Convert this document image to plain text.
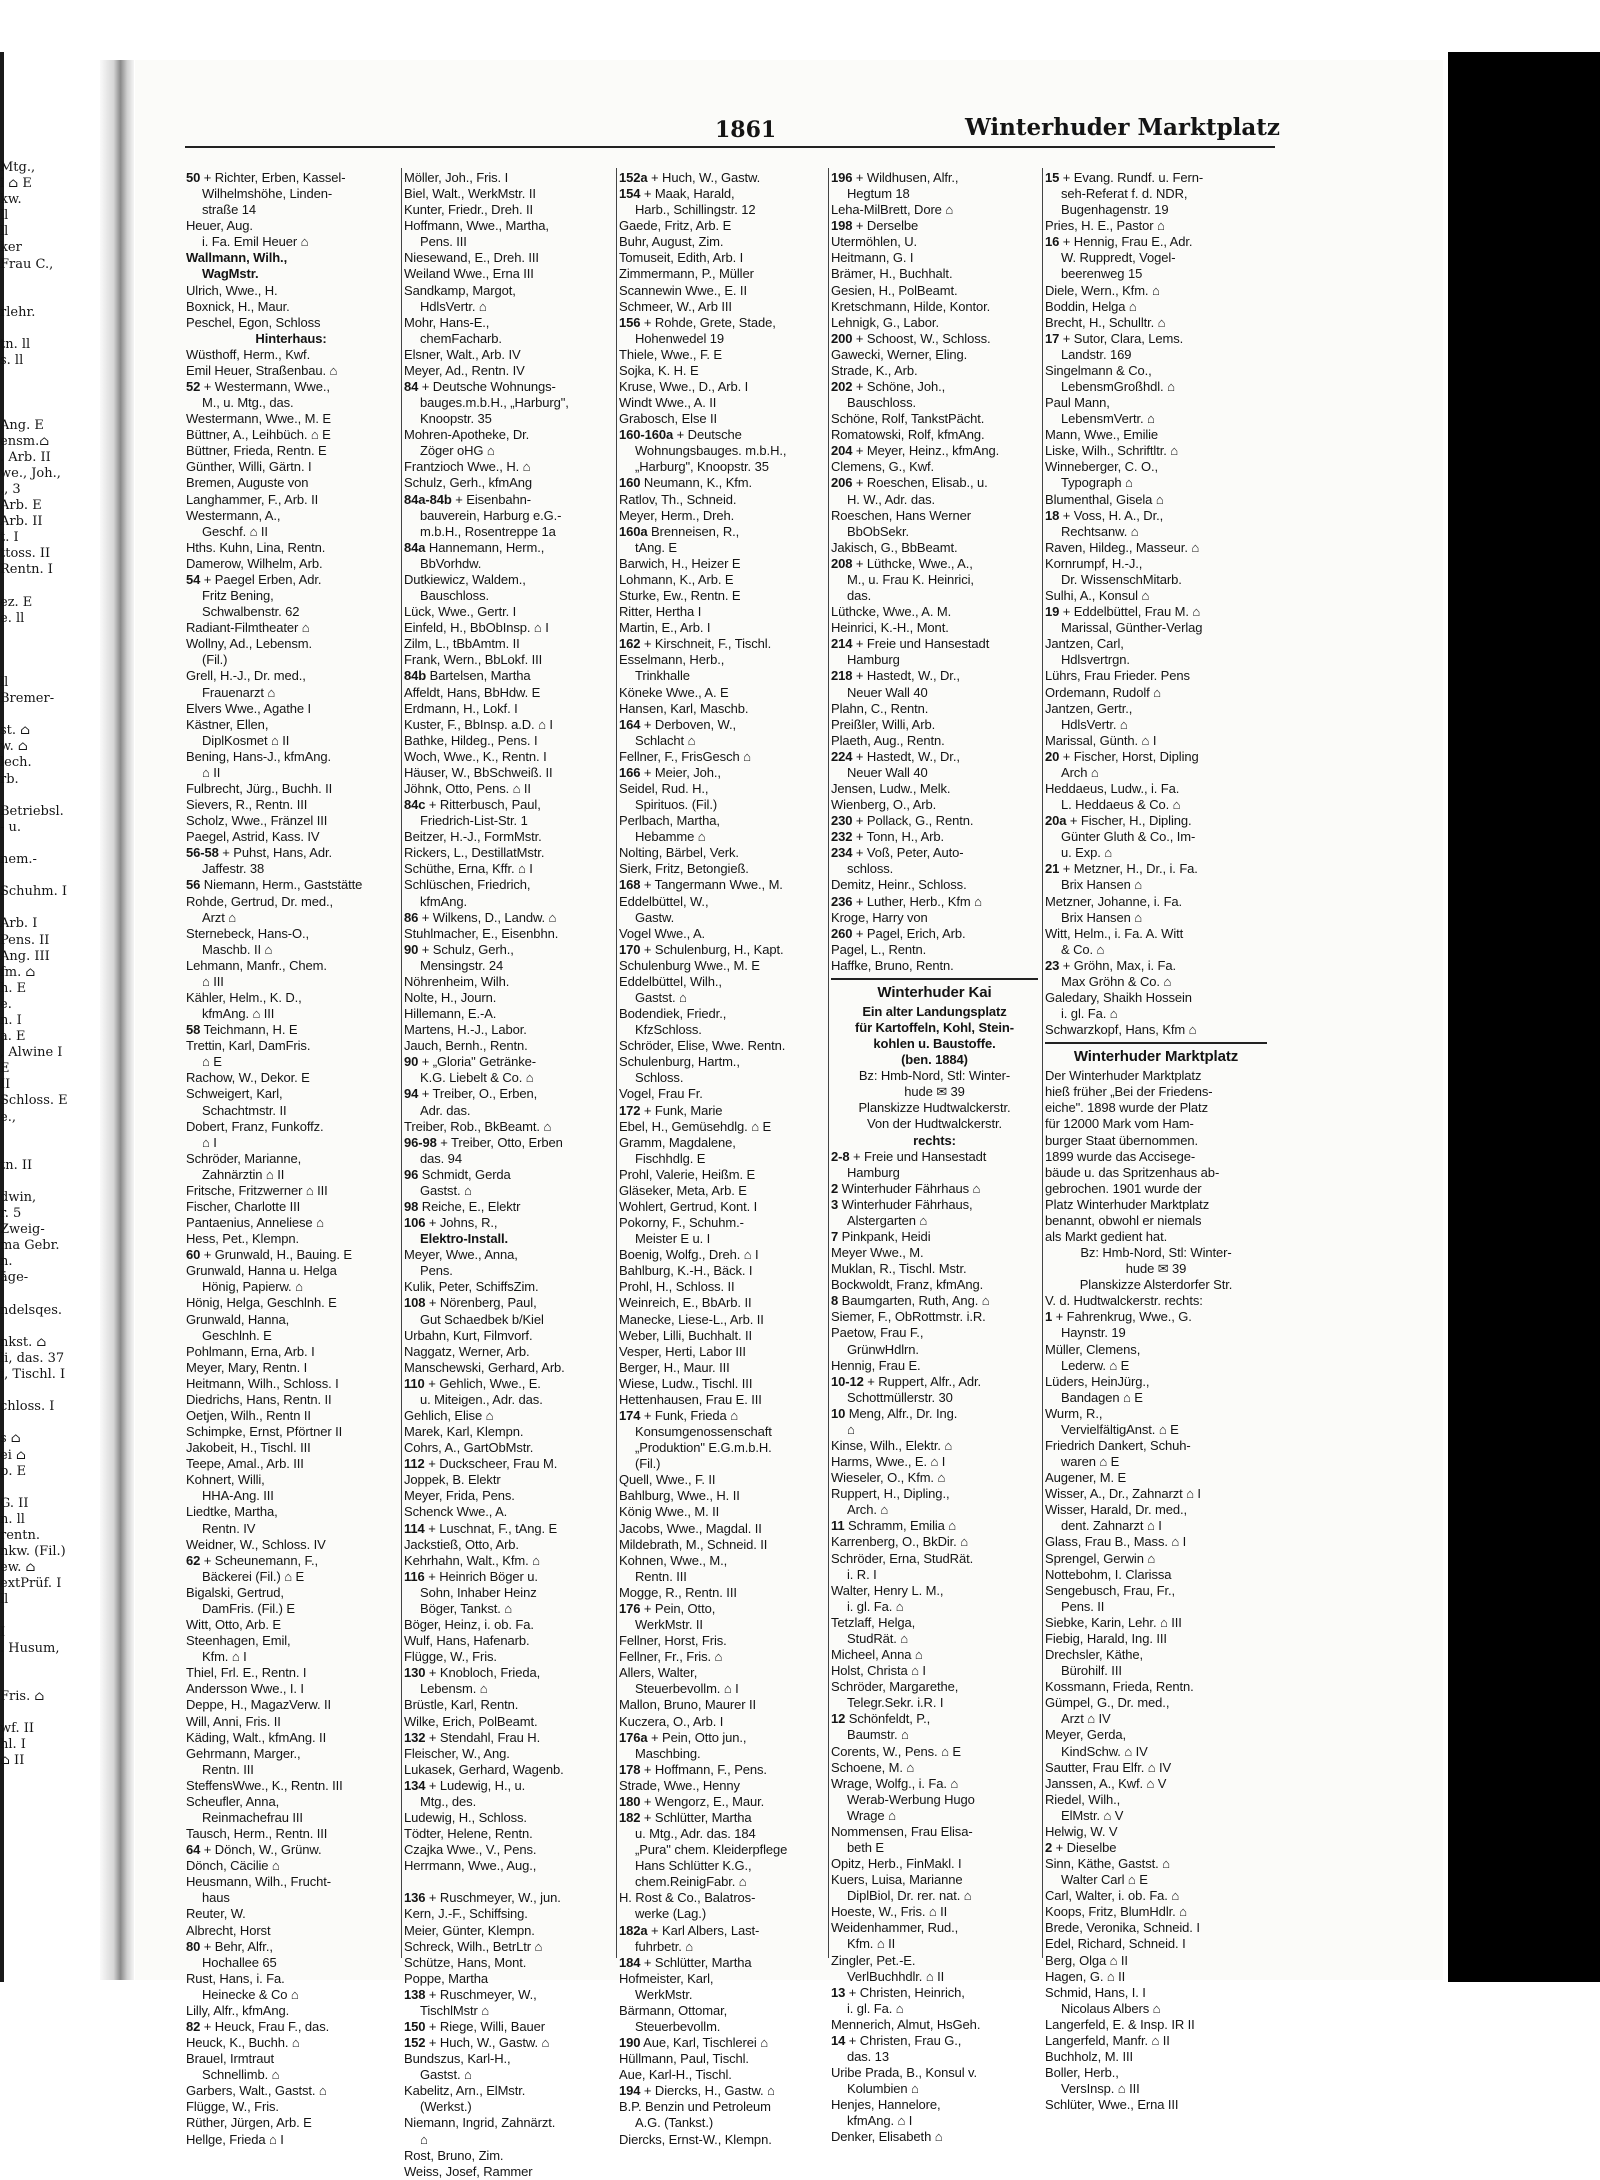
Mtg.,
i ⌂ E
kw.
ll
ll
ker
Frau C.,

rlehr.

tn. ll
s. ll

Ang. E
ensm.⌂
. Arb. II
we., Joh.,
., 3
Arb. E
Arb. II
t. I
ttoss. II
Rentn. I

ez. E
e. ll

ll
Bremer-

st. ⌂
w. ⌂
lech.
rb.

Betriebsl.
- u.

nem.-

Schuhm. I

Arb. I
Pens. II
Ang. III
fm. ⌂
h. E
e.
n. I
a. E
, Alwine I
E
II
Schloss. E
e.,

tn. II

dwin,
r. 5
Zweig-
ma Gebr.
n.
äge-

ndelsqes.

nkst. ⌂
li, das. 37
i, Tischl. I

chloss. I

s ⌂
ei ⌂
p. E

G. II
n. ll
rentn.
nkw. (Fil.)
ew. ⌂
extPrüf. I
ll

I
. Husum,

Fris. ⌂

wf. II
hl. I
⌂ II
1861	Winterhuder Marktplatz
50 + Richter, Erben, Kassel-
Wilhelmshöhe, Linden-
straße 14
Heuer, Aug.
i. Fa. Emil Heuer ⌂
Wallmann, Wilh.,
WagMstr.
Ulrich, Wwe., H.
Boxnick, H., Maur.
Peschel, Egon, Schloss
Hinterhaus:
Wüsthoff, Herm., Kwf.
Emil Heuer, Straßenbau. ⌂
52 + Westermann, Wwe.,
M., u. Mtg., das.
Westermann, Wwe., M. E
Büttner, A., Leihbüch. ⌂ E
Büttner, Frieda, Rentn. E
Günther, Willi, Gärtn. I
Bremen, Auguste von
Langhammer, F., Arb. II
Westermann, A.,
Geschf. ⌂ II
Hths. Kuhn, Lina, Rentn.
Damerow, Wilhelm, Arb.
54 + Paegel Erben, Adr.
Fritz Bening,
Schwalbenstr. 62
Radiant-Filmtheater ⌂
Wollny, Ad., Lebensm.
(Fil.)
Grell, H.-J., Dr. med.,
Frauenarzt ⌂
Elvers Wwe., Agathe I
Kästner, Ellen,
DiplKosmet ⌂ II
Bening, Hans-J., kfmAng.
⌂ II
Fulbrecht, Jürg., Buchh. II
Sievers, R., Rentn. III
Scholz, Wwe., Fränzel III
Paegel, Astrid, Kass. IV
56-58 + Puhst, Hans, Adr.
Jaffestr. 38
56 Niemann, Herm., Gaststätte
Rohde, Gertrud, Dr. med.,
Arzt ⌂
Sternebeck, Hans-O.,
Maschb. II ⌂
Lehmann, Manfr., Chem.
⌂ III
Kähler, Helm., K. D.,
kfmAng. ⌂ III
58 Teichmann, H. E
Trettin, Karl, DamFris.
⌂ E
Rachow, W., Dekor. E
Schweigert, Karl,
Schachtmstr. II
Dobert, Franz, Funkoffz.
⌂ I
Schröder, Marianne,
Zahnärztin ⌂ II
Fritsche, Fritzwerner ⌂ III
Fischer, Charlotte III
Pantaenius, Anneliese ⌂
Hess, Pet., Klempn.
60 + Grunwald, H., Bauing. E
Grunwald, Hanna u. Helga
Hönig, Papierw. ⌂
Hönig, Helga, Geschlnh. E
Grunwald, Hanna,
Geschlnh. E
Pohlmann, Erna, Arb. I
Meyer, Mary, Rentn. I
Heitmann, Wilh., Schloss. I
Diedrichs, Hans, Rentn. II
Oetjen, Wilh., Rentn II
Schimpke, Ernst, Pförtner II
Jakobeit, H., Tischl. III
Teepe, Amal., Arb. III
Kohnert, Willi,
HHA-Ang. III
Liedtke, Martha,
Rentn. IV
Weidner, W., Schloss. IV
62 + Scheunemann, F.,
Bäckerei (Fil.) ⌂ E
Bigalski, Gertrud,
DamFris. (Fil.) E
Witt, Otto, Arb. E
Steenhagen, Emil,
Kfm. ⌂ I
Thiel, Frl. E., Rentn. I
Andersson Wwe., I. I
Deppe, H., MagazVerw. II
Will, Anni, Fris. II
Käding, Walt., kfmAng. II
Gehrmann, Marger.,
Rentn. III
SteffensWwe., K., Rentn. III
Scheufler, Anna,
Reinmachefrau III
Tausch, Herm., Rentn. III
64 + Dönch, W., Grünw.
Dönch, Cäcilie ⌂
Heusmann, Wilh., Frucht-
haus
Reuter, W.
Albrecht, Horst
80 + Behr, Alfr.,
Hochallee 65
Rust, Hans, i. Fa.
Heinecke & Co ⌂
Lilly, Alfr., kfmAng.
82 + Heuck, Frau F., das.
Heuck, K., Buchh. ⌂
Brauel, Irmtraut
Schnellimb. ⌂
Garbers, Walt., Gastst. ⌂
Flügge, W., Fris.
Rüther, Jürgen, Arb. E
Hellge, Frieda ⌂ I
Möller, Joh., Fris. I
Biel, Walt., WerkMstr. II
Kunter, Friedr., Dreh. II
Hoffmann, Wwe., Martha,
Pens. III
Niesewand, E., Dreh. III
Weiland Wwe., Erna III
Sandkamp, Margot,
HdlsVertr. ⌂
Mohr, Hans-E.,
chemFacharb.
Elsner, Walt., Arb. IV
Meyer, Ad., Rentn. IV
84 + Deutsche Wohnungs-
bauges.m.b.H., „Harburg",
Knoopstr. 35
Mohren-Apotheke, Dr.
Zöger oHG ⌂
Frantzioch Wwe., H. ⌂
Schulz, Gerh., kfmAng
84a-84b + Eisenbahn-
bauverein, Harburg e.G.-
m.b.H., Rosentreppe 1a
84a Hannemann, Herm.,
BbVorhdw.
Dutkiewicz, Waldem.,
Bauschloss.
Lück, Wwe., Gertr. I
Einfeld, H., BbObInsp. ⌂ I
Zilm, L., tBbAmtm. II
Frank, Wern., BbLokf. III
84b Bartelsen, Martha
Affeldt, Hans, BbHdw. E
Erdmann, H., Lokf. I
Kuster, F., BbInsp. a.D. ⌂ I
Bathke, Hildeg., Pens. I
Woch, Wwe., K., Rentn. I
Häuser, W., BbSchweiß. II
Jöhnk, Otto, Pens. ⌂ II
84c + Ritterbusch, Paul,
Friedrich-List-Str. 1
Beitzer, H.-J., FormMstr.
Rickers, L., DestillatMstr.
Schüthe, Erna, Kffr. ⌂ I
Schlüschen, Friedrich,
kfmAng.
86 + Wilkens, D., Landw. ⌂
Stuhlmacher, E., Eisenbhn.
90 + Schulz, Gerh.,
Mensingstr. 24
Nöhrenheim, Wilh.
Nolte, H., Journ.
Hillemann, E.-A.
Martens, H.-J., Labor.
Jauch, Bernh., Rentn.
90 + „Gloria" Getränke-
K.G. Liebelt & Co. ⌂
94 + Treiber, O., Erben,
Adr. das.
Treiber, Rob., BkBeamt. ⌂
96-98 + Treiber, Otto, Erben
das. 94
96 Schmidt, Gerda
Gastst. ⌂
98 Reiche, E., Elektr
106 + Johns, R.,
Elektro-Install.
Meyer, Wwe., Anna,
Pens.
Kulik, Peter, SchiffsZim.
108 + Nörenberg, Paul,
Gut Schaedbek b/Kiel
Urbahn, Kurt, Filmvorf.
Naggatz, Werner, Arb.
Manschewski, Gerhard, Arb.
110 + Gehlich, Wwe., E.
u. Miteigen., Adr. das.
Gehlich, Elise ⌂
Marek, Karl, Klempn.
Cohrs, A., GartObMstr.
112 + Duckscheer, Frau M.
Joppek, B. Elektr
Meyer, Frida, Pens.
Schenck Wwe., A.
114 + Luschnat, F., tAng. E
Jackstieß, Otto, Arb.
Kehrhahn, Walt., Kfm. ⌂
116 + Heinrich Böger u.
Sohn, Inhaber Heinz
Böger, Tankst. ⌂
Böger, Heinz, i. ob. Fa.
Wulf, Hans, Hafenarb.
Flügge, W., Fris.
130 + Knobloch, Frieda,
Lebensm. ⌂
Brüstle, Karl, Rentn.
Wilke, Erich, PolBeamt.
132 + Stendahl, Frau H.
Fleischer, W., Ang.
Lukasek, Gerhard, Wagenb.
134 + Ludewig, H., u.
Mtg., des.
Ludewig, H., Schloss.
Tödter, Helene, Rentn.
Czajka Wwe., V., Pens.
Herrmann, Wwe., Aug.,

136 + Ruschmeyer, W., jun.
Kern, J.-F., Schiffsing.
Meier, Günter, Klempn.
Schreck, Wilh., BetrLtr ⌂
Schütze, Hans, Mont.
Poppe, Martha
138 + Ruschmeyer, W.,
TischlMstr ⌂
150 + Riege, Willi, Bauer
152 + Huch, W., Gastw. ⌂
Bundszus, Karl-H.,
Gastst. ⌂
Kabelitz, Arn., ElMstr.
(Werkst.)
Niemann, Ingrid, Zahnärzt.
⌂
Rost, Bruno, Zim.
Weiss, Josef, Rammer
152a + Huch, W., Gastw.
154 + Maak, Harald,
Harb., Schillingstr. 12
Gaede, Fritz, Arb. E
Buhr, August, Zim.
Tomuseit, Edith, Arb. I
Zimmermann, P., Müller
Scannewin Wwe., E. II
Schmeer, W., Arb III
156 + Rohde, Grete, Stade,
Hohenwedel 19
Thiele, Wwe., F. E
Sojka, K. H. E
Kruse, Wwe., D., Arb. I
Windt Wwe., A. II
Grabosch, Else II
160-160a + Deutsche
Wohnungsbauges. m.b.H.,
„Harburg", Knoopstr. 35
160 Neumann, K., Kfm.
Ratlov, Th., Schneid.
Meyer, Herm., Dreh.
160a Brenneisen, R.,
tAng. E
Barwich, H., Heizer E
Lohmann, K., Arb. E
Sturke, Ew., Rentn. E
Ritter, Hertha I
Martin, E., Arb. I
162 + Kirschneit, F., Tischl.
Esselmann, Herb.,
Trinkhalle
Köneke Wwe., A. E
Hansen, Karl, Maschb.
164 + Derboven, W.,
Schlacht ⌂
Fellner, F., FrisGesch ⌂
166 + Meier, Joh.,
Seidel, Rud. H.,
Spirituos. (Fil.)
Perlbach, Martha,
Hebamme ⌂
Nolting, Bärbel, Verk.
Sierk, Fritz, Betongieß.
168 + Tangermann Wwe., M.
Eddelbüttel, W.,
Gastw.
Vogel Wwe., A.
170 + Schulenburg, H., Kapt.
Schulenburg Wwe., M. E
Eddelbüttel, Wilh.,
Gastst. ⌂
Bodendiek, Friedr.,
KfzSchloss.
Schröder, Elise, Wwe. Rentn.
Schulenburg, Hartm.,
Schloss.
Vogel, Frau Fr.
172 + Funk, Marie
Ebel, H., Gemüsehdlg. ⌂ E
Gramm, Magdalene,
Fischhdlg. E
Prohl, Valerie, Heißm. E
Gläseker, Meta, Arb. E
Wohlert, Gertrud, Kont. I
Pokorny, F., Schuhm.-
Meister E u. I
Boenig, Wolfg., Dreh. ⌂ I
Bahlburg, K.-H., Bäck. I
Prohl, H., Schloss. II
Weinreich, E., BbArb. II
Manecke, Liese-L., Arb. II
Weber, Lilli, Buchhalt. II
Vesper, Herti, Labor III
Berger, H., Maur. III
Wiese, Ludw., Tischl. III
Hettenhausen, Frau E. III
174 + Funk, Frieda ⌂
Konsumgenossenschaft
„Produktion" E.G.m.b.H.
(Fil.)
Quell, Wwe., F. II
Bahlburg, Wwe., H. II
König Wwe., M. II
Jacobs, Wwe., Magdal. II
Mildebrath, M., Schneid. II
Kohnen, Wwe., M.,
Rentn. III
Mogge, R., Rentn. III
176 + Pein, Otto,
WerkMstr. II
Fellner, Horst, Fris.
Fellner, Fr., Fris. ⌂
Allers, Walter,
Steuerbevollm. ⌂ I
Mallon, Bruno, Maurer II
Kuczera, O., Arb. I
176a + Pein, Otto jun.,
Maschbing.
178 + Hoffmann, F., Pens.
Strade, Wwe., Henny
180 + Wengorz, E., Maur.
182 + Schlütter, Martha
u. Mtg., Adr. das. 184
„Pura" chem. Kleiderpflege
Hans Schlütter K.G.,
chem.ReinigFabr. ⌂
H. Rost & Co., Balatros-
werke (Lag.)
182a + Karl Albers, Last-
fuhrbetr. ⌂
184 + Schlütter, Martha
Hofmeister, Karl,
WerkMstr.
Bärmann, Ottomar,
Steuerbevollm.
190 Aue, Karl, Tischlerei ⌂
Hüllmann, Paul, Tischl.
Aue, Karl-H., Tischl.
194 + Diercks, H., Gastw. ⌂
B.P. Benzin und Petroleum
A.G. (Tankst.)
Diercks, Ernst-W., Klempn.
196 + Wildhusen, Alfr.,
Hegtum 18
Leha-MilBrett, Dore ⌂
198 + Derselbe
Utermöhlen, U.
Heitmann, G. I
Brämer, H., Buchhalt.
Gesien, H., PolBeamt.
Kretschmann, Hilde, Kontor.
Lehnigk, G., Labor.
200 + Schoost, W., Schloss.
Gawecki, Werner, Eling.
Strade, K., Arb.
202 + Schöne, Joh.,
Bauschloss.
Schöne, Rolf, TankstPächt.
Romatowski, Rolf, kfmAng.
204 + Meyer, Heinz., kfmAng.
Clemens, G., Kwf.
206 + Roeschen, Elisab., u.
H. W., Adr. das.
Roeschen, Hans Werner
BbObSekr.
Jakisch, G., BbBeamt.
208 + Lüthcke, Wwe., A.,
M., u. Frau K. Heinrici,
das.
Lüthcke, Wwe., A. M.
Heinrici, K.-H., Mont.
214 + Freie und Hansestadt
Hamburg
218 + Hastedt, W., Dr.,
Neuer Wall 40
Plahn, C., Rentn.
Preißler, Willi, Arb.
Plaeth, Aug., Rentn.
224 + Hastedt, W., Dr.,
Neuer Wall 40
Jensen, Ludw., Melk.
Wienberg, O., Arb.
230 + Pollack, G., Rentn.
232 + Tonn, H., Arb.
234 + Voß, Peter, Auto-
schloss.
Demitz, Heinr., Schloss.
236 + Luther, Herb., Kfm ⌂
Kroge, Harry von
260 + Pagel, Erich, Arb.
Pagel, L., Rentn.
Haffke, Bruno, Rentn.
Winterhuder Kai
Ein alter Landungsplatz
für Kartoffeln, Kohl, Stein-
kohlen u. Baustoffe.
(ben. 1884)
Bz: Hmb-Nord, Stl: Winter-
hude ✉ 39
Planskizze Hudtwalckerstr.
Von der Hudtwalckerstr.
rechts:
2-8 + Freie und Hansestadt
Hamburg
2 Winterhuder Fährhaus ⌂
3 Winterhuder Fährhaus,
Alstergarten ⌂
7 Pinkpank, Heidi
Meyer Wwe., M.
Muklan, R., Tischl. Mstr.
Bockwoldt, Franz, kfmAng.
8 Baumgarten, Ruth, Ang. ⌂
Siemer, F., ObRottmstr. i.R.
Paetow, Frau F.,
GrünwHdlrn.
Hennig, Frau E.
10-12 + Ruppert, Alfr., Adr.
Schottmüllerstr. 30
10 Meng, Alfr., Dr. Ing.
⌂
Kinse, Wilh., Elektr. ⌂
Harms, Wwe., E. ⌂ I
Wieseler, O., Kfm. ⌂
Ruppert, H., Dipling.,
Arch. ⌂
11 Schramm, Emilia ⌂
Karrenberg, O., BkDir. ⌂
Schröder, Erna, StudRät.
i. R. I
Walter, Henry L. M.,
i. gl. Fa. ⌂
Tetzlaff, Helga,
StudRät. ⌂
Micheel, Anna ⌂
Holst, Christa ⌂ I
Schröder, Margarethe,
Telegr.Sekr. i.R. I
12 Schönfeldt, P.,
Baumstr. ⌂
Corents, W., Pens. ⌂ E
Schoene, M. ⌂
Wrage, Wolfg., i. Fa. ⌂
Werab-Werbung Hugo
Wrage ⌂
Nommensen, Frau Elisa-
beth E
Opitz, Herb., FinMakl. I
Kuers, Luisa, Marianne
DiplBiol, Dr. rer. nat. ⌂
Hoeste, W., Fris. ⌂ II
Weidenhammer, Rud.,
Kfm. ⌂ II
Zingler, Pet.-E.
VerlBuchhdlr. ⌂ II
13 + Christen, Heinrich,
i. gl. Fa. ⌂
Mennerich, Almut, HsGeh.
14 + Christen, Frau G.,
das. 13
Uribe Prada, B., Konsul v.
Kolumbien ⌂
Henjes, Hannelore,
kfmAng. ⌂ I
Denker, Elisabeth ⌂
15 + Evang. Rundf. u. Fern-
seh-Referat f. d. NDR,
Bugenhagenstr. 19
Pries, H. E., Pastor ⌂
16 + Hennig, Frau E., Adr.
W. Ruppredt, Vogel-
beerenweg 15
Diele, Wern., Kfm. ⌂
Boddin, Helga ⌂
Brecht, H., Schulltr. ⌂
17 + Sutor, Clara, Lems.
Landstr. 169
Singelmann & Co.,
LebensmGroßhdl. ⌂
Paul Mann,
LebensmVertr. ⌂
Mann, Wwe., Emilie
Liske, Wilh., Schriftltr. ⌂
Winneberger, C. O.,
Typograph ⌂
Blumenthal, Gisela ⌂
18 + Voss, H. A., Dr.,
Rechtsanw. ⌂
Raven, Hildeg., Masseur. ⌂
Kornrumpf, H.-J.,
Dr. WissenschMitarb.
Sulhi, A., Konsul ⌂
19 + Eddelbüttel, Frau M. ⌂
Marissal, Günther-Verlag
Jantzen, Carl,
Hdlsvertrgn.
Lührs, Frau Frieder. Pens
Ordemann, Rudolf ⌂
Jantzen, Gertr.,
HdlsVertr. ⌂
Marissal, Günth. ⌂ I
20 + Fischer, Horst, Dipling
Arch ⌂
Heddaeus, Ludw., i. Fa.
L. Heddaeus & Co. ⌂
20a + Fischer, H., Dipling.
Günter Gluth & Co., Im-
u. Exp. ⌂
21 + Metzner, H., Dr., i. Fa.
Brix Hansen ⌂
Metzner, Johanne, i. Fa.
Brix Hansen ⌂
Witt, Helm., i. Fa. A. Witt
& Co. ⌂
23 + Gröhn, Max, i. Fa.
Max Gröhn & Co. ⌂
Galedary, Shaikh Hossein
i. gl. Fa. ⌂
Schwarzkopf, Hans, Kfm ⌂
Winterhuder Marktplatz
Der Winterhuder Marktplatz
hieß früher „Bei der Friedens-
eiche". 1898 wurde der Platz
für 12000 Mark vom Ham-
burger Staat übernommen.
1899 wurde das Accisege-
bäude u. das Spritzenhaus ab-
gebrochen. 1901 wurde der
Platz Winterhuder Marktplatz
benannt, obwohl er niemals
als Markt gedient hat.
Bz: Hmb-Nord, Stl: Winter-
hude ✉ 39
Planskizze Alsterdorfer Str.
V. d. Hudtwalckerstr. rechts:
1 + Fahrenkrug, Wwe., G.
Haynstr. 19
Müller, Clemens,
Lederw. ⌂ E
Lüders, HeinJürg.,
Bandagen ⌂ E
Wurm, R.,
VervielfältigAnst. ⌂ E
Friedrich Dankert, Schuh-
waren ⌂ E
Augener, M. E
Wisser, A., Dr., Zahnarzt ⌂ I
Wisser, Harald, Dr. med.,
dent. Zahnarzt ⌂ I
Glass, Frau B., Mass. ⌂ I
Sprengel, Gerwin ⌂
Nottebohm, I. Clarissa
Sengebusch, Frau, Fr.,
Pens. II
Siebke, Karin, Lehr. ⌂ III
Fiebig, Harald, Ing. III
Drechsler, Käthe,
Bürohilf. III
Kossmann, Frieda, Rentn.
Gümpel, G., Dr. med.,
Arzt ⌂ IV
Meyer, Gerda,
KindSchw. ⌂ IV
Sautter, Frau Elfr. ⌂ IV
Janssen, A., Kwf. ⌂ V
Riedel, Wilh.,
ElMstr. ⌂ V
Helwig, W. V
2 + Dieselbe
Sinn, Käthe, Gastst. ⌂
Walter Carl ⌂ E
Carl, Walter, i. ob. Fa. ⌂
Koops, Fritz, BlumHdlr. ⌂
Brede, Veronika, Schneid. I
Edel, Richard, Schneid. I
Berg, Olga ⌂ II
Hagen, G. ⌂ II
Schmid, Hans, I. I
Nicolaus Albers ⌂
Langerfeld, E. & Insp. IR II
Langerfeld, Manfr. ⌂ II
Buchholz, M. III
Boller, Herb.,
VersInsp. ⌂ III
Schlüter, Wwe., Erna III
